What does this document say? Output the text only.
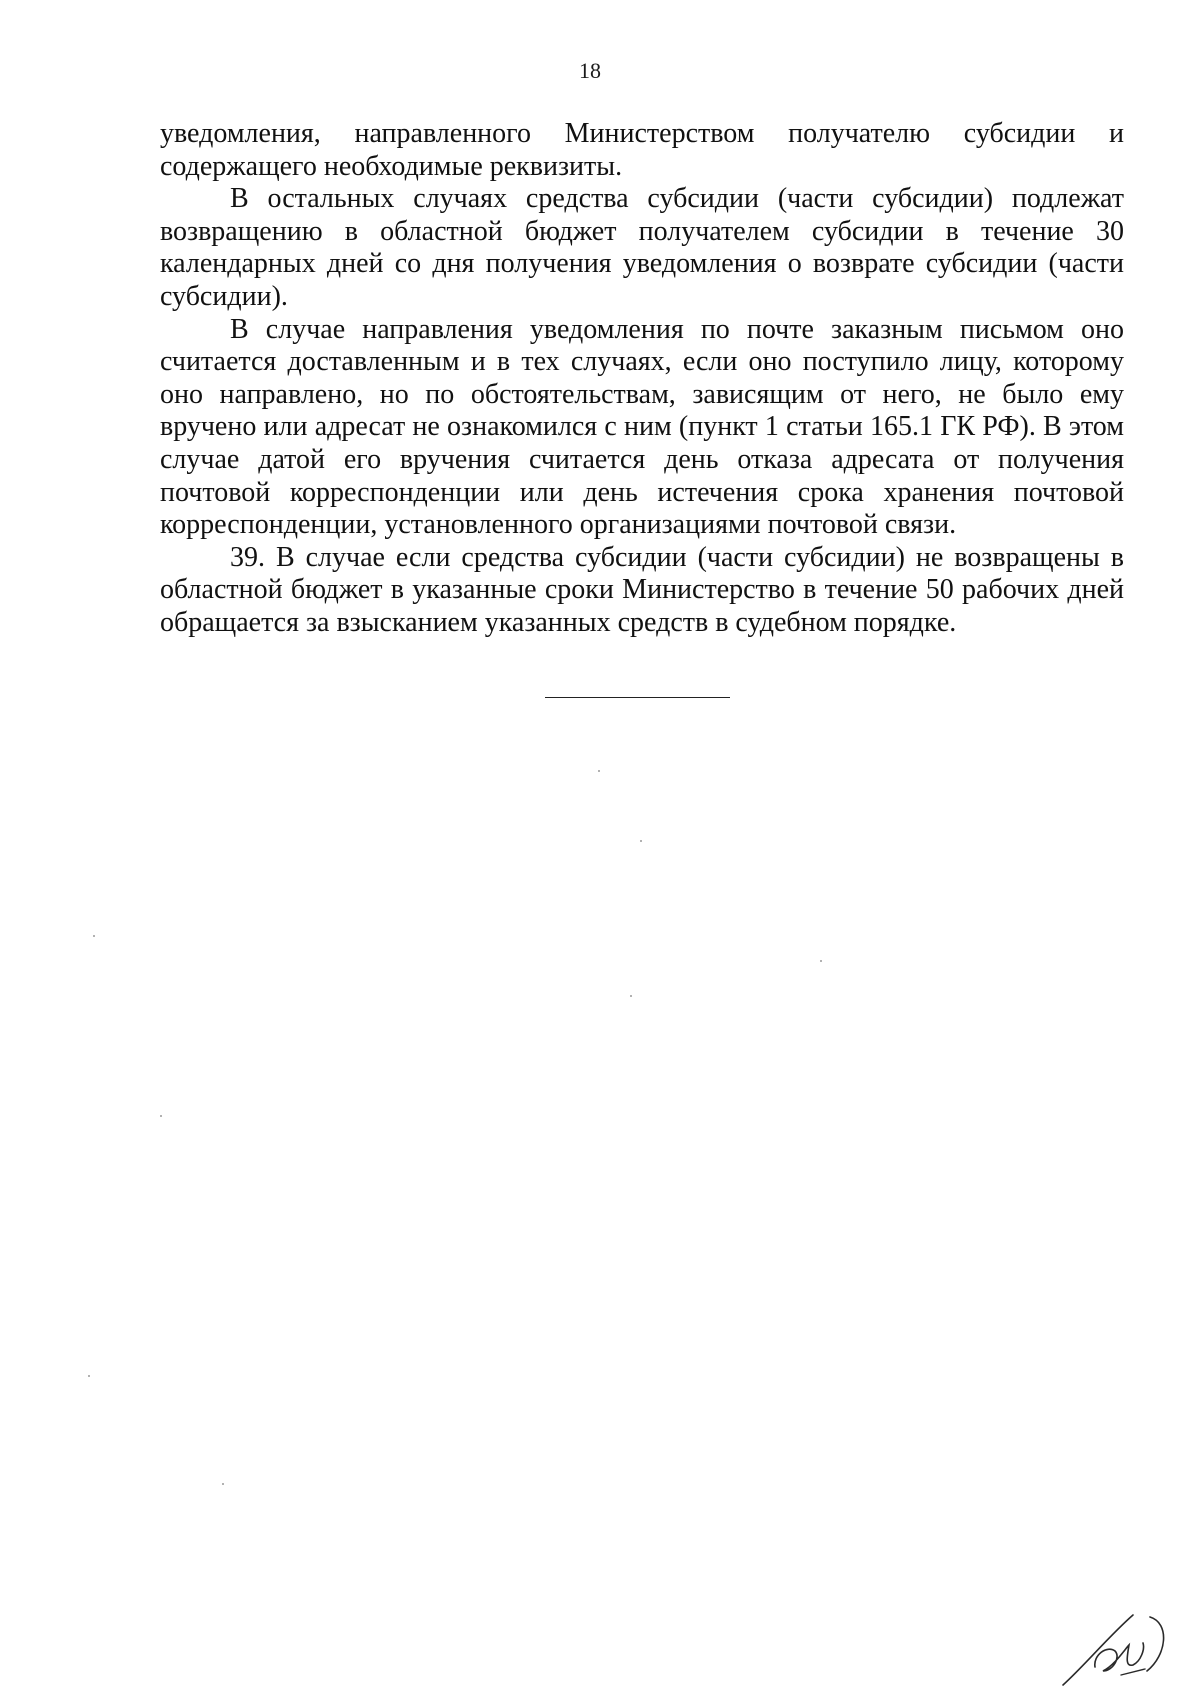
18

уведомления, направленного Министерством получателю субсидии и содержащего необходимые реквизиты.

В остальных случаях средства субсидии (части субсидии) подлежат возвращению в областной бюджет получателем субсидии в течение 30 календарных дней со дня получения уведомления о возврате субсидии (части субсидии).

В случае направления уведомления по почте заказным письмом оно считается доставленным и в тех случаях, если оно поступило лицу, которому оно направлено, но по обстоятельствам, зависящим от него, не было ему вручено или адресат не ознакомился с ним (пункт 1 статьи 165.1 ГК РФ). В этом случае датой его вручения считается день отказа адресата от получения почтовой корреспонденции или день истечения срока хранения почтовой корреспонденции, установленного организациями почтовой связи.

39. В случае если средства субсидии (части субсидии) не возвращены в областной бюджет в указанные сроки Министерство в течение 50 рабочих дней обращается за взысканием указанных средств в судебном порядке.
